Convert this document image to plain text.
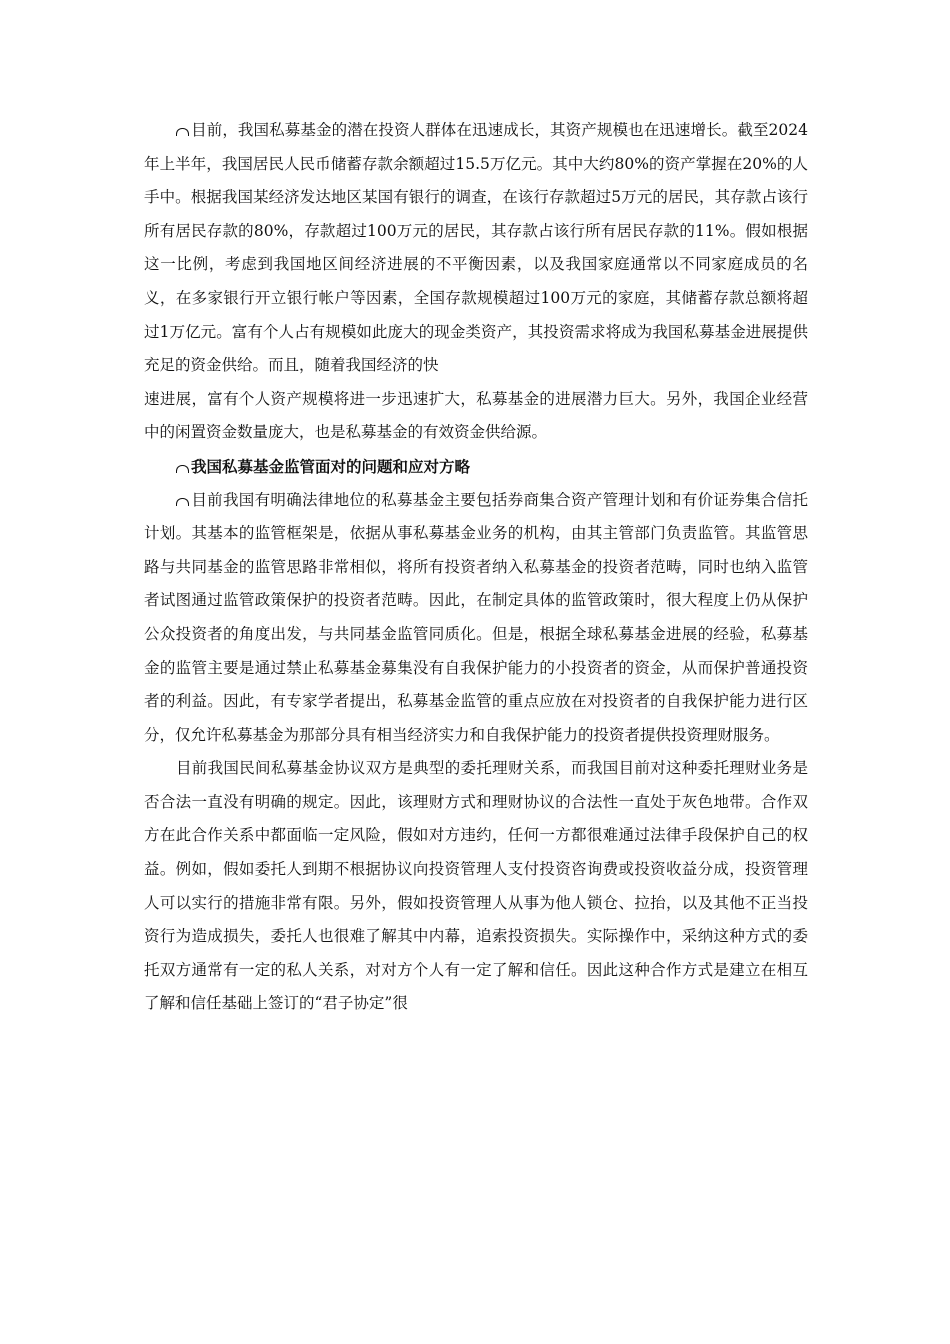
目前，我国私募基金的潜在投资人群体在迅速成长，其资产规模也在迅速增长。截至2024年上半年，我国居民人民币储蓄存款余额超过15.5万亿元。其中大约80%的资产掌握在20%的人手中。根据我国某经济发达地区某国有银行的调查，在该行存款超过5万元的居民，其存款占该行所有居民存款的80%，存款超过100万元的居民，其存款占该行所有居民存款的11%。假如根据这一比例，考虑到我国地区间经济进展的不平衡因素，以及我国家庭通常以不同家庭成员的名义，在多家银行开立银行帐户等因素，全国存款规模超过100万元的家庭，其储蓄存款总额将超过1万亿元。富有个人占有规模如此庞大的现金类资产，其投资需求将成为我国私募基金进展提供充足的资金供给。而且，随着我国经济的快

速进展，富有个人资产规模将进一步迅速扩大，私募基金的进展潜力巨大。另外，我国企业经营中的闲置资金数量庞大，也是私募基金的有效资金供给源。

我国私募基金监管面对的问题和应对方略

目前我国有明确法律地位的私募基金主要包括券商集合资产管理计划和有价证券集合信托计划。其基本的监管框架是，依据从事私募基金业务的机构，由其主管部门负责监管。其监管思路与共同基金的监管思路非常相似，将所有投资者纳入私募基金的投资者范畴，同时也纳入监管者试图通过监管政策保护的投资者范畴。因此，在制定具体的监管政策时，很大程度上仍从保护公众投资者的角度出发，与共同基金监管同质化。但是，根据全球私募基金进展的经验，私募基金的监管主要是通过禁止私募基金募集没有自我保护能力的小投资者的资金，从而保护普通投资者的利益。因此，有专家学者提出，私募基金监管的重点应放在对投资者的自我保护能力进行区分，仅允许私募基金为那部分具有相当经济实力和自我保护能力的投资者提供投资理财服务。

目前我国民间私募基金协议双方是典型的委托理财关系，而我国目前对这种委托理财业务是否合法一直没有明确的规定。因此，该理财方式和理财协议的合法性一直处于灰色地带。合作双方在此合作关系中都面临一定风险，假如对方违约，任何一方都很难通过法律手段保护自己的权益。例如，假如委托人到期不根据协议向投资管理人支付投资咨询费或投资收益分成，投资管理人可以实行的措施非常有限。另外，假如投资管理人从事为他人锁仓、拉抬，以及其他不正当投资行为造成损失，委托人也很难了解其中内幕，追索投资损失。实际操作中，采纳这种方式的委托双方通常有一定的私人关系，对对方个人有一定了解和信任。因此这种合作方式是建立在相互了解和信任基础上签订的“君子协定”很
